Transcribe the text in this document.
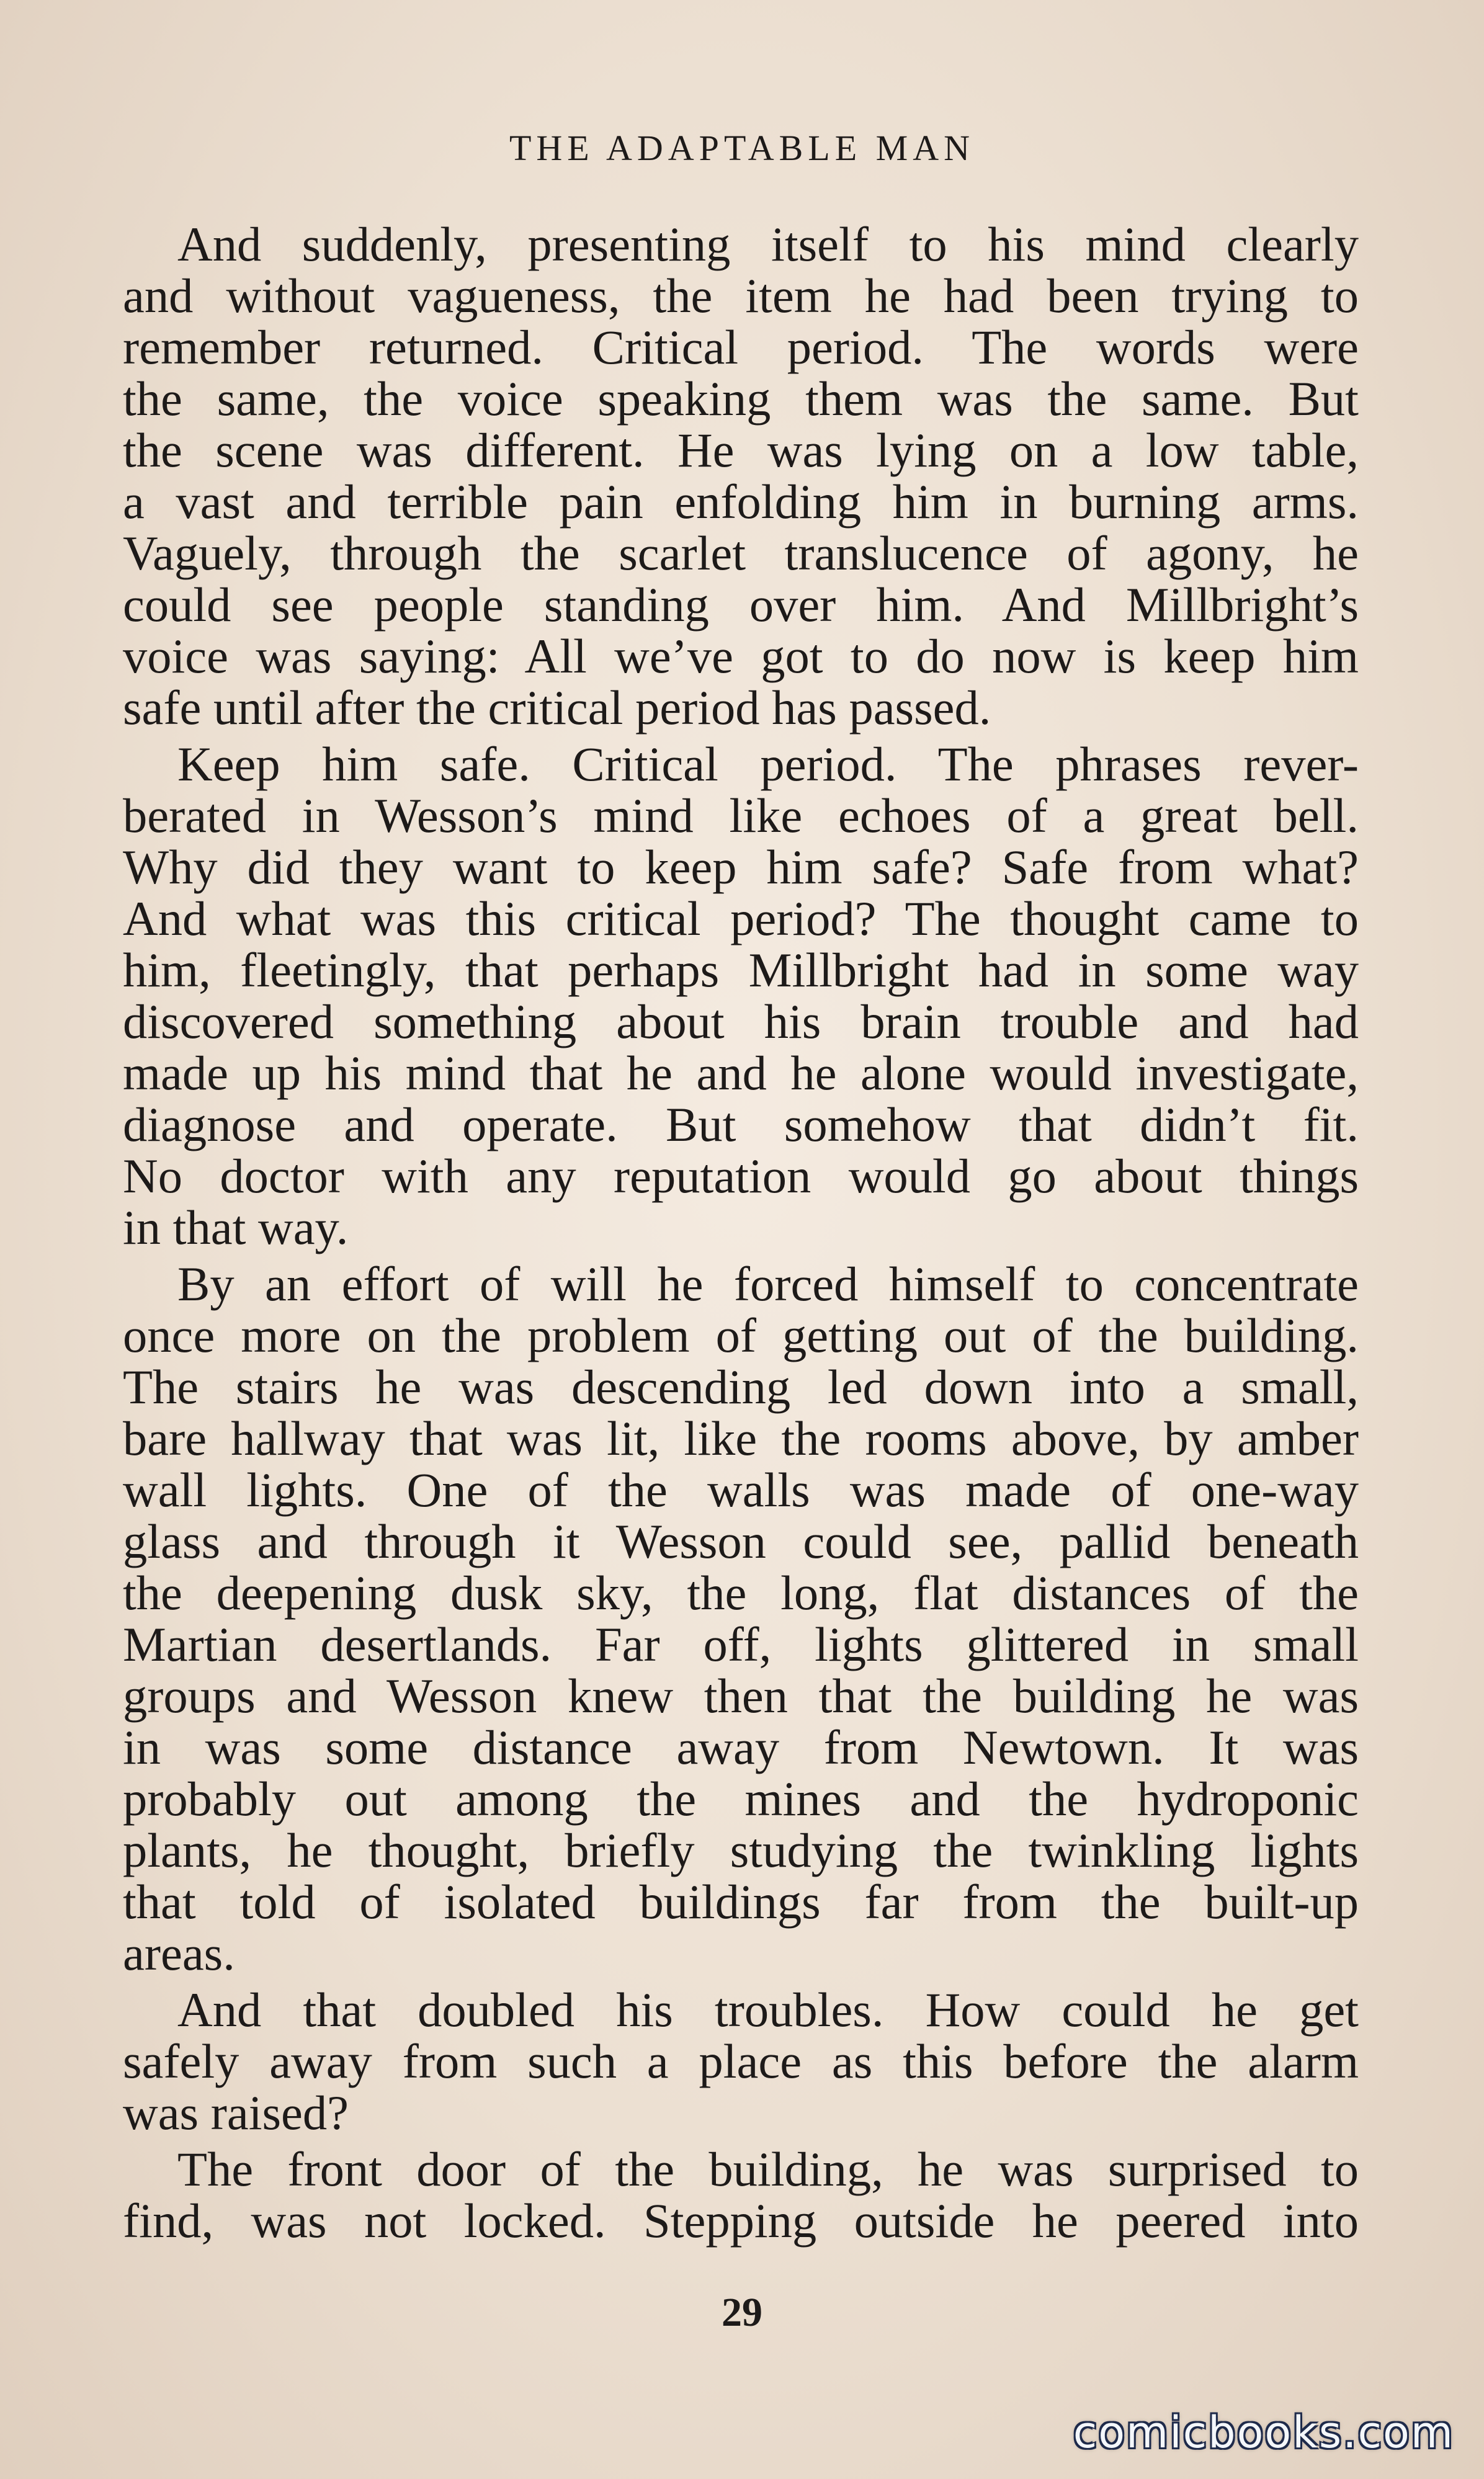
THE ADAPTABLE MAN
And suddenly, presenting itself to his mind clearly
and without vagueness, the item he had been trying to
remember returned. Critical period. The words were
the same, the voice speaking them was the same. But
the scene was different. He was lying on a low table,
a vast and terrible pain enfolding him in burning arms.
Vaguely, through the scarlet translucence of agony, he
could see people standing over him. And Millbright’s
voice was saying: All we’ve got to do now is keep him
safe until after the critical period has passed.
Keep him safe. Critical period. The phrases rever-
berated in Wesson’s mind like echoes of a great bell.
Why did they want to keep him safe? Safe from what?
And what was this critical period? The thought came to
him, fleetingly, that perhaps Millbright had in some way
discovered something about his brain trouble and had
made up his mind that he and he alone would investigate,
diagnose and operate. But somehow that didn’t fit.
No doctor with any reputation would go about things
in that way.
By an effort of will he forced himself to concentrate
once more on the problem of getting out of the building.
The stairs he was descending led down into a small,
bare hallway that was lit, like the rooms above, by amber
wall lights. One of the walls was made of one-way
glass and through it Wesson could see, pallid beneath
the deepening dusk sky, the long, flat distances of the
Martian desertlands. Far off, lights glittered in small
groups and Wesson knew then that the building he was
in was some distance away from Newtown. It was
probably out among the mines and the hydroponic
plants, he thought, briefly studying the twinkling lights
that told of isolated buildings far from the built-up
areas.
And that doubled his troubles. How could he get
safely away from such a place as this before the alarm
was raised?
The front door of the building, he was surprised to
find, was not locked. Stepping outside he peered into
29
comicbooks.com
